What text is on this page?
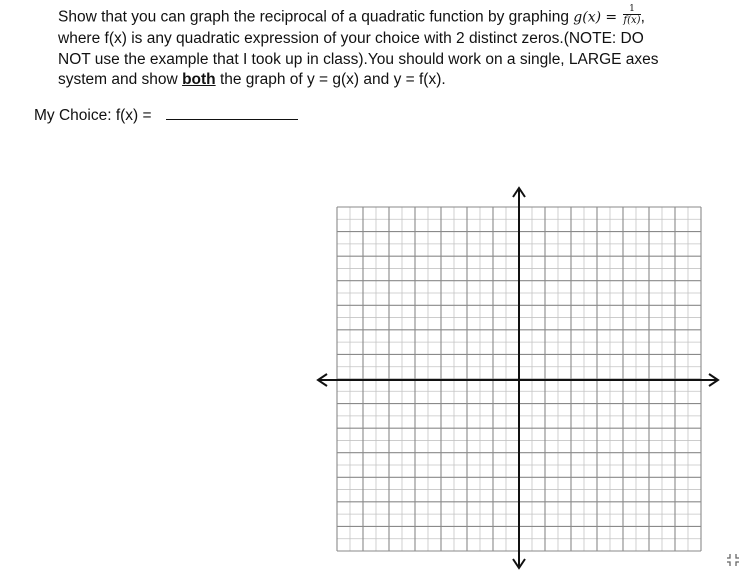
Show that you can graph the reciprocal of a quadratic function by graphing $g(x) = \frac{1}{f(x)}$ ,
where f(x) is any quadratic expression of your choice with 2 distinct zeros.(NOTE: DO
NOT use the example that I took up in class).You should work on a single, LARGE axes
system and show both the graph of y = g(x) and y = f(x).
My Choice: f(x) =
